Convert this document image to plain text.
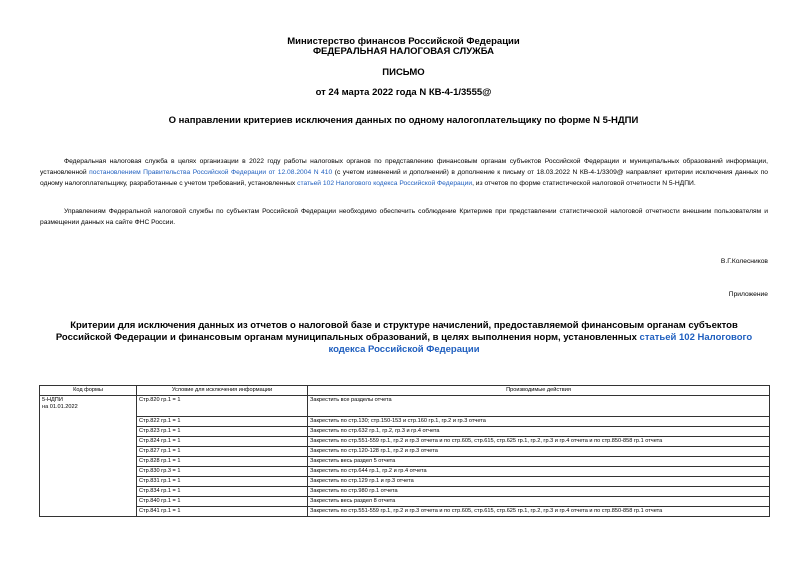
Министерство финансов Российской Федерации
ФЕДЕРАЛЬНАЯ НАЛОГОВАЯ СЛУЖБА
ПИСЬМО
от 24 марта 2022 года N КВ-4-1/3555@
О направлении критериев исключения данных по одному налогоплательщику по форме N 5-НДПИ

Федеральная налоговая служба в целях организации в 2022 году работы налоговых органов по представлению финансовым органам субъектов Российской Федерации и муниципальных образований информации, установленной постановлением Правительства Российской Федерации от 12.08.2004 N 410 (с учетом изменений и дополнений) в дополнение к письму от 18.03.2022 N КВ-4-1/3309@ направляет критерии исключения данных по одному налогоплательщику, разработанные с учетом требований, установленных статьей 102 Налогового кодекса Российской Федерации, из отчетов по форме статистической налоговой отчетности N 5-НДПИ.

Управлениям Федеральной налоговой службы по субъектам Российской Федерации необходимо обеспечить соблюдение Критериев при представлении статистической налоговой отчетности внешним пользователям и размещении данных на сайте ФНС России.

В.Г.Колесников
Приложение

Критерии для исключения данных из отчетов о налоговой базе и структуре начислений, предоставляемой финансовым органам субъектов Российской Федерации и финансовым органам муниципальных образований, в целях выполнения норм, установленных статьей 102 Налогового кодекса Российской Федерации

Код формы	Условие для исключения информации	Производимые действия

5-НДПИ
на 01.01.2022	Стр.820 гр.1 = 1	Закрестить все разделы отчета
	Стр.822 гр.1 = 1	Закрестить по стр.130; стр.150-153 и стр.160 гр.1, гр.2 и гр.3 отчета
	Стр.823 гр.1 = 1	Закрестить по стр.632 гр.1, гр.2, гр.3 и гр.4 отчета
	Стр.824 гр.1 = 1	Закрестить по стр.551-559 гр.1, гр.2 и гр.3 отчета и по стр.605, стр.615, стр.625 гр.1, гр.2, гр.3 и гр.4 отчета и по стр.850-858 гр.1 отчета
	Стр.827 гр.1 = 1	Закрестить по стр.120-128 гр.1, гр.2 и гр.3 отчета
	Стр.828 гр.1 = 1	Закрестить весь раздел 5 отчета
	Стр.830 гр.3 = 1	Закрестить по стр.644 гр.1, гр.2 и гр.4 отчета
	Стр.831 гр.1 = 1	Закрестить по стр.129 гр.1 и гр.3 отчета
	Стр.834 гр.1 = 1	Закрестить по стр.980 гр.1 отчета
	Стр.840 гр.1 = 1	Закрестить весь раздел 8 отчета
	Стр.841 гр.1 = 1	Закрестить по стр.551-559 гр.1, гр.2 и гр.3 отчета и по стр.605, стр.615, стр.625 гр.1, гр.2, гр.3 и гр.4 отчета и по стр.850-858 гр.1 отчета
